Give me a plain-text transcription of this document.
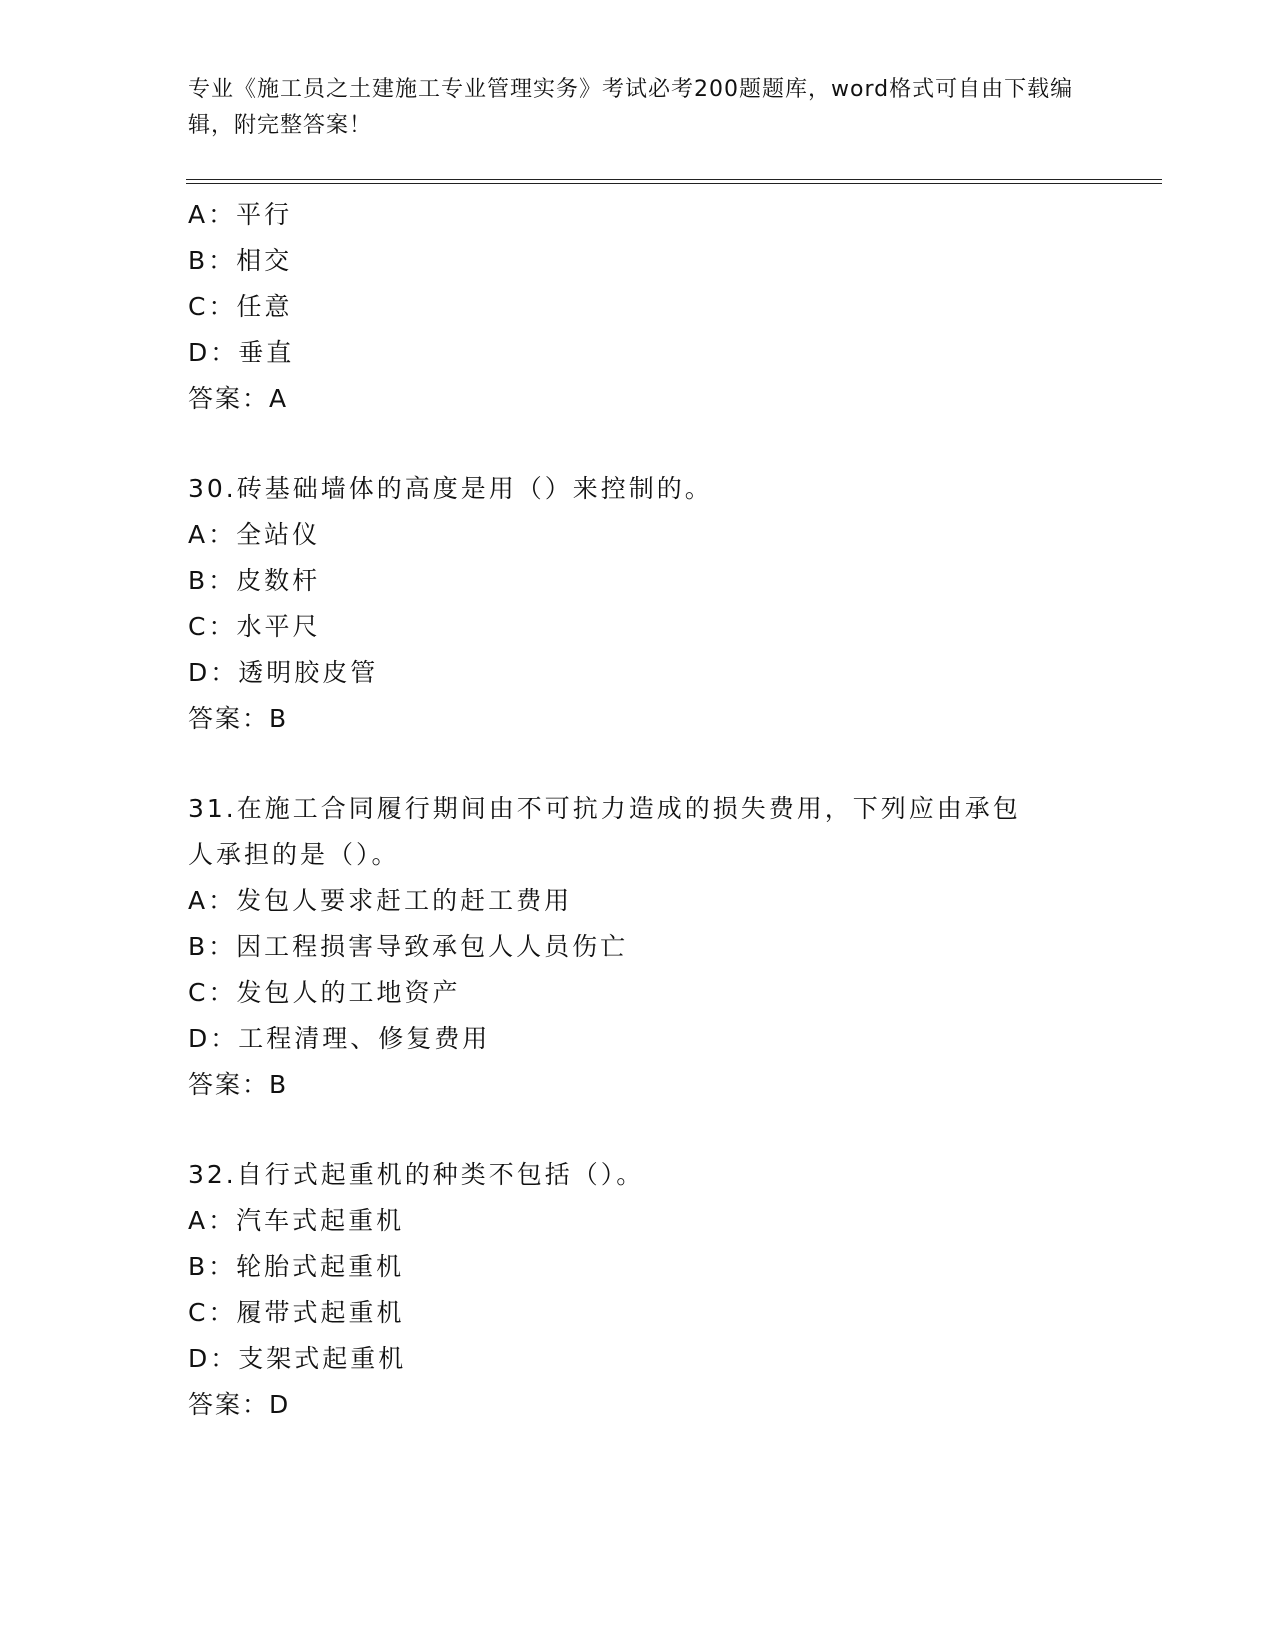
专业《施工员之土建施工专业管理实务》考试必考200题题库，word格式可自由下载编辑，附完整答案！
A：平行
B：相交
C：任意
D：垂直
答案：A
30.砖基础墙体的高度是用（）来控制的。
A：全站仪
B：皮数杆
C：水平尺
D：透明胶皮管
答案：B
31.在施工合同履行期间由不可抗力造成的损失费用，下列应由承包人承担的是（）。
A：发包人要求赶工的赶工费用
B：因工程损害导致承包人人员伤亡
C：发包人的工地资产
D：工程清理、修复费用
答案：B
32.自行式起重机的种类不包括（）。
A：汽车式起重机
B：轮胎式起重机
C：履带式起重机
D：支架式起重机
答案：D
